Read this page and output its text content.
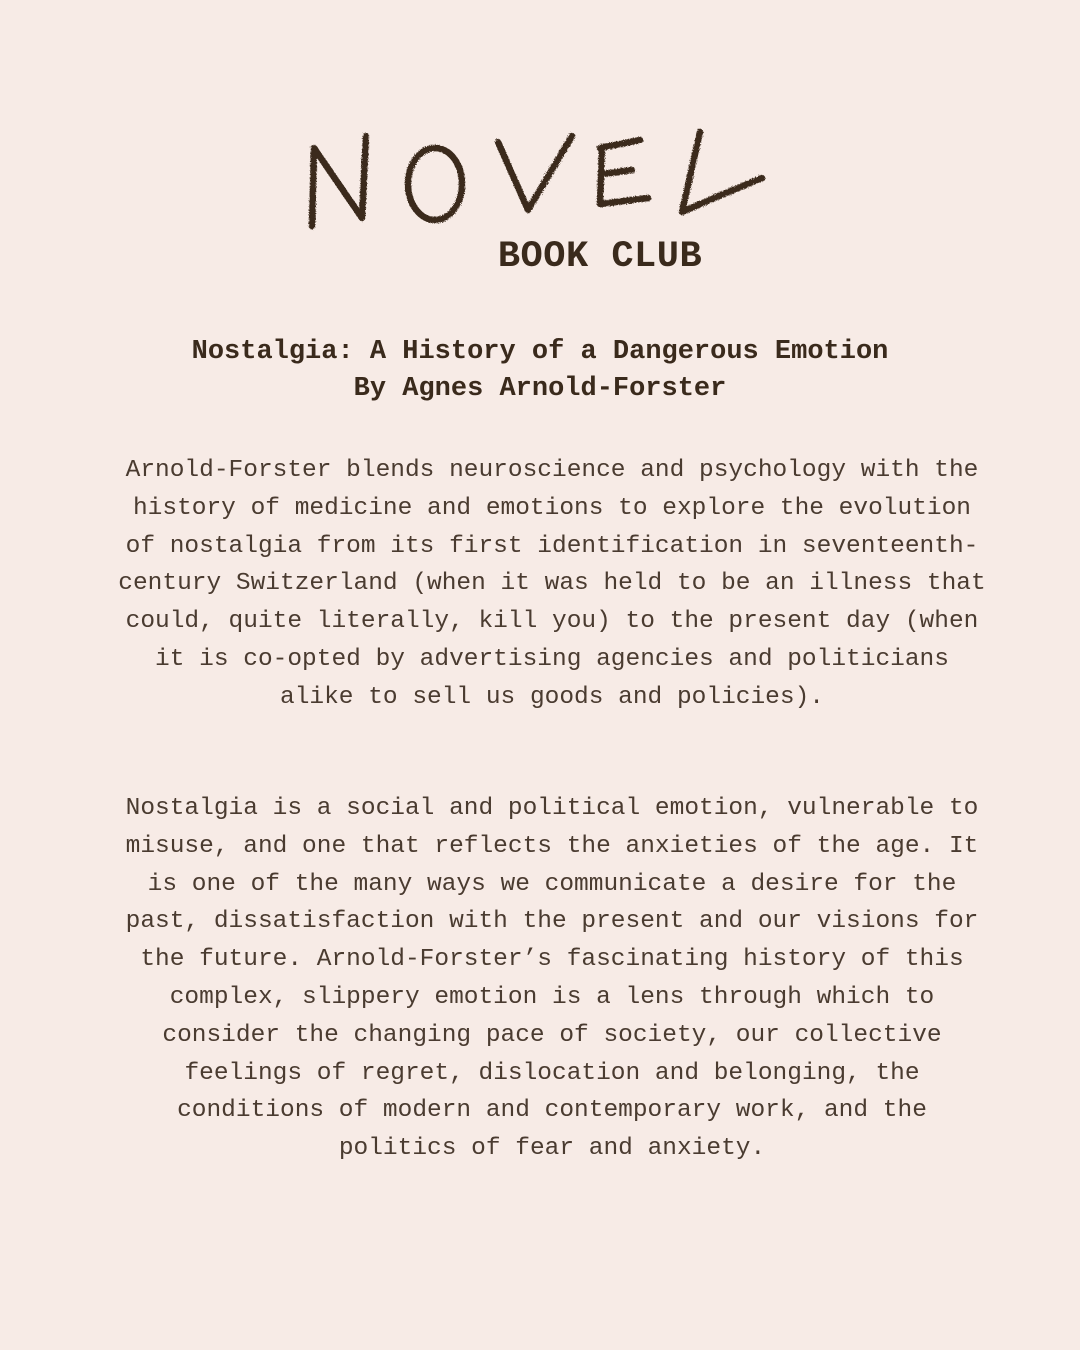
BOOK CLUB
Nostalgia: A History of a Dangerous Emotion
By Agnes Arnold-Forster

Arnold-Forster blends neuroscience and psychology with the history of medicine and emotions to explore the evolution of nostalgia from its first identification in seventeenth-century Switzerland (when it was held to be an illness that could, quite literally, kill you) to the present day (when it is co-opted by advertising agencies and politicians alike to sell us goods and policies).

Nostalgia is a social and political emotion, vulnerable to misuse, and one that reflects the anxieties of the age. It is one of the many ways we communicate a desire for the past, dissatisfaction with the present and our visions for the future. Arnold-Forster’s fascinating history of this complex, slippery emotion is a lens through which to consider the changing pace of society, our collective feelings of regret, dislocation and belonging, the conditions of modern and contemporary work, and the politics of fear and anxiety.
